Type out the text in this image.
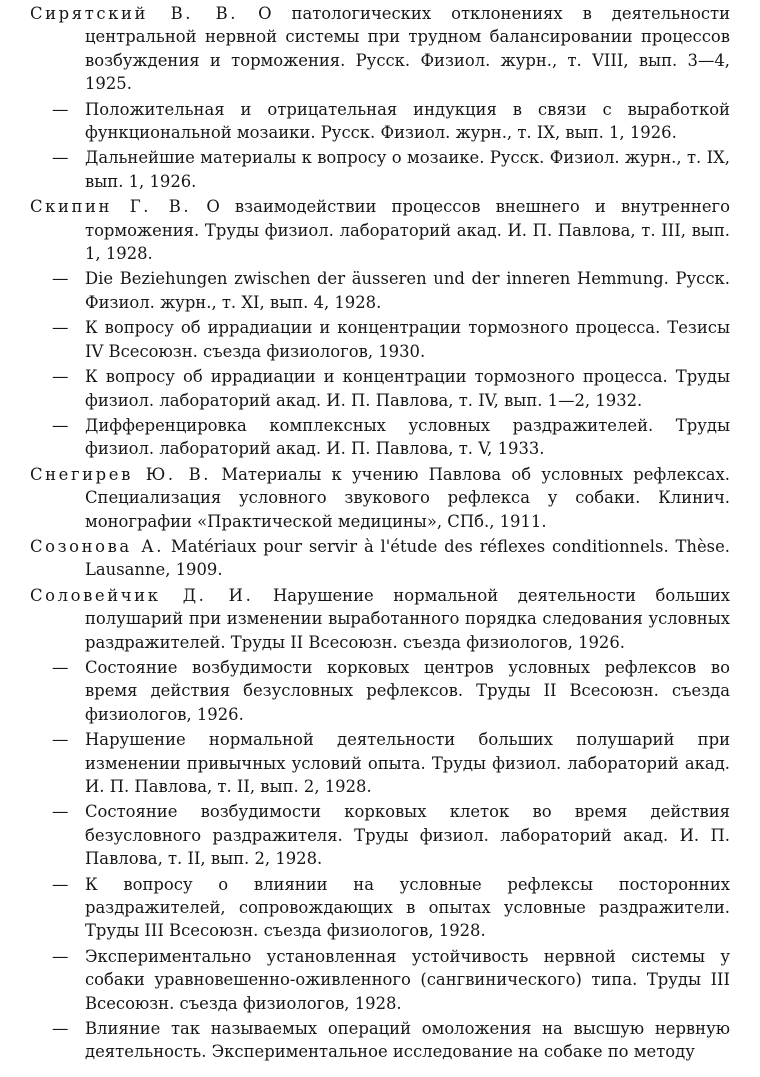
Сирятский В. В. О патологических отклонениях в деятельности центральной нервной системы при трудном балансировании процессов возбуждения и торможения. Русск. Физиол. журн., т. VIII, вып. 3—4, 1925.

— Положительная и отрицательная индукция в связи с выработкой функциональной мозаики. Русск. Физиол. журн., т. IX, вып. 1, 1926.

— Дальнейшие материалы к вопросу о мозаике. Русск. Физиол. журн., т. IX, вып. 1, 1926.

Скипин Г. В. О взаимодействии процессов внешнего и внутреннего торможения. Труды физиол. лабораторий акад. И. П. Павлова, т. III, вып. 1, 1928.

— Die Beziehungen zwischen der äusseren und der inneren Hemmung. Русск. Физиол. журн., т. XI, вып. 4, 1928.

— К вопросу об иррадиации и концентрации тормозного процесса. Тезисы IV Всесоюзн. съезда физиологов, 1930.

— К вопросу об иррадиации и концентрации тормозного процесса. Труды физиол. лабораторий акад. И. П. Павлова, т. IV, вып. 1—2, 1932.

— Дифференцировка комплексных условных раздражителей. Труды физиол. лабораторий акад. И. П. Павлова, т. V, 1933.

Снегирев Ю. В. Материалы к учению Павлова об условных рефлексах. Специализация условного звукового рефлекса у собаки. Клинич. монографии «Практической медицины», СПб., 1911.

Созонова А. Matériaux pour servir à l'étude des réflexes conditionnels. Thèse. Lausanne, 1909.

Соловейчик Д. И. Нарушение нормальной деятельности больших полушарий при изменении выработанного порядка следования условных раздражителей. Труды II Всесоюзн. съезда физиологов, 1926.

— Состояние возбудимости корковых центров условных рефлексов во время действия безусловных рефлексов. Труды II Всесоюзн. съезда физиологов, 1926.

— Нарушение нормальной деятельности больших полушарий при изменении привычных условий опыта. Труды физиол. лабораторий акад. И. П. Павлова, т. II, вып. 2, 1928.

— Состояние возбудимости корковых клеток во время действия безусловного раздражителя. Труды физиол. лабораторий акад. И. П. Павлова, т. II, вып. 2, 1928.

— К вопросу о влиянии на условные рефлексы посторонних раздражителей, сопровождающих в опытах условные раздражители. Труды III Всесоюзн. съезда физиологов, 1928.

— Экспериментально установленная устойчивость нервной системы у собаки уравновешенно-оживленного (сангвинического) типа. Труды III Всесоюзн. съезда физиологов, 1928.

— Влияние так называемых операций омоложения на высшую нервную деятельность. Экспериментальное исследование на собаке по методу
